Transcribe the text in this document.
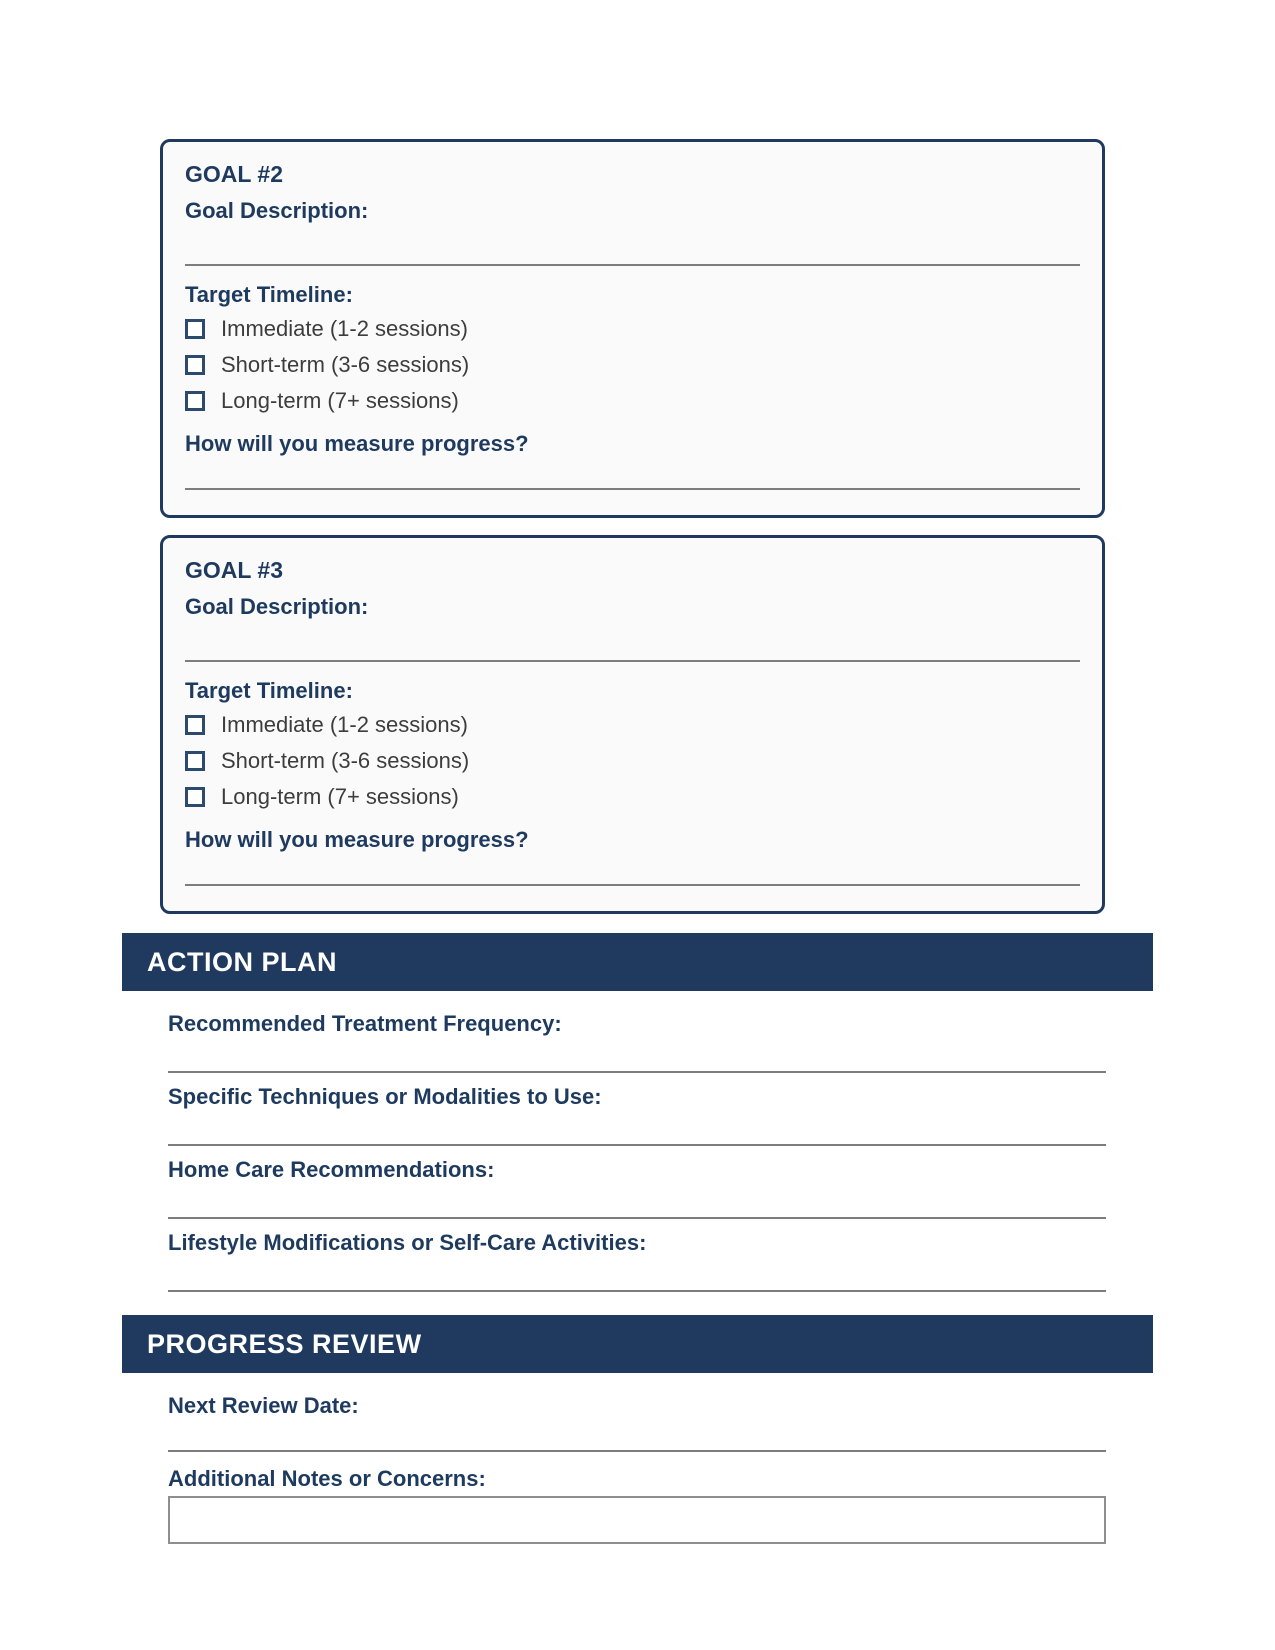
GOAL #2
Goal Description:
Target Timeline:
Immediate (1-2 sessions)
Short-term (3-6 sessions)
Long-term (7+ sessions)
How will you measure progress?
GOAL #3
Goal Description:
Target Timeline:
Immediate (1-2 sessions)
Short-term (3-6 sessions)
Long-term (7+ sessions)
How will you measure progress?
ACTION PLAN
Recommended Treatment Frequency:
Specific Techniques or Modalities to Use:
Home Care Recommendations:
Lifestyle Modifications or Self-Care Activities:
PROGRESS REVIEW
Next Review Date:
Additional Notes or Concerns:
